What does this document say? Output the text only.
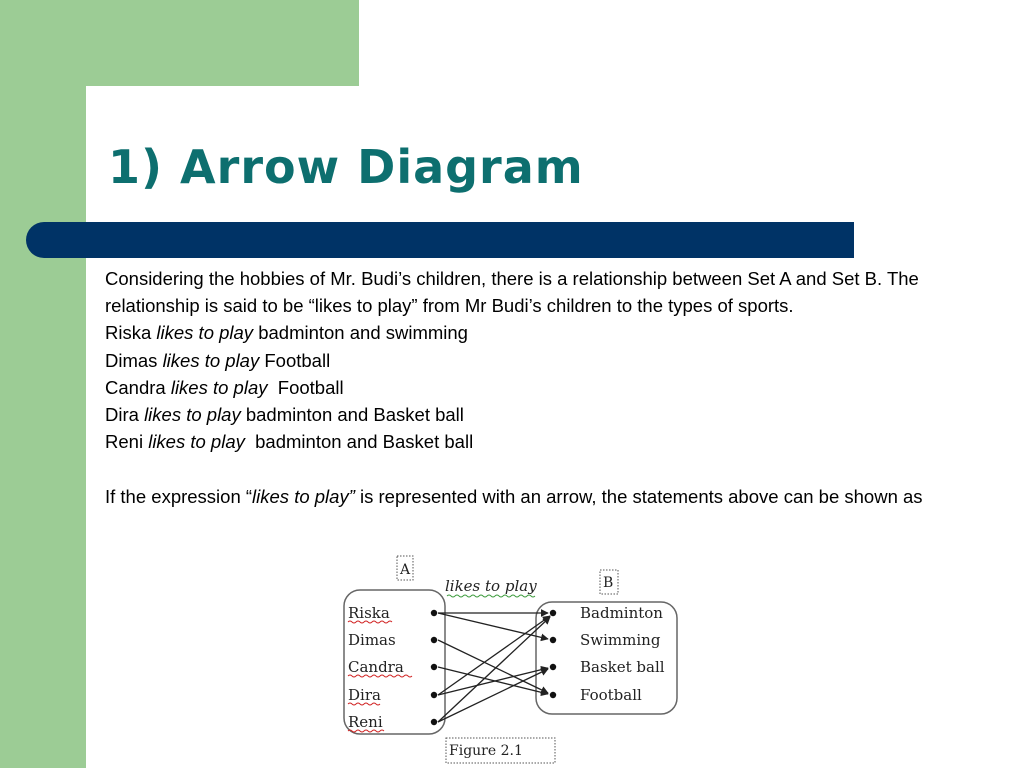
1) Arrow Diagram

Considering the hobbies of Mr. Budi’s children, there is a relationship between Set A and Set B. The relationship is said to be “likes to play” from Mr Budi’s children to the types of sports.

Riska likes to play badminton and swimming

Dimas likes to play Football

Candra likes to play  Football

Dira likes to play badminton and Basket ball

Reni likes to play  badminton and Basket ball

If the expression “likes to play” is represented with an arrow, the statements above can be shown as

A
B
likes to play
Riska
Dimas
Candra
Dira
Reni
Badminton
Swimming
Basket ball
Football
Figure 2.1
